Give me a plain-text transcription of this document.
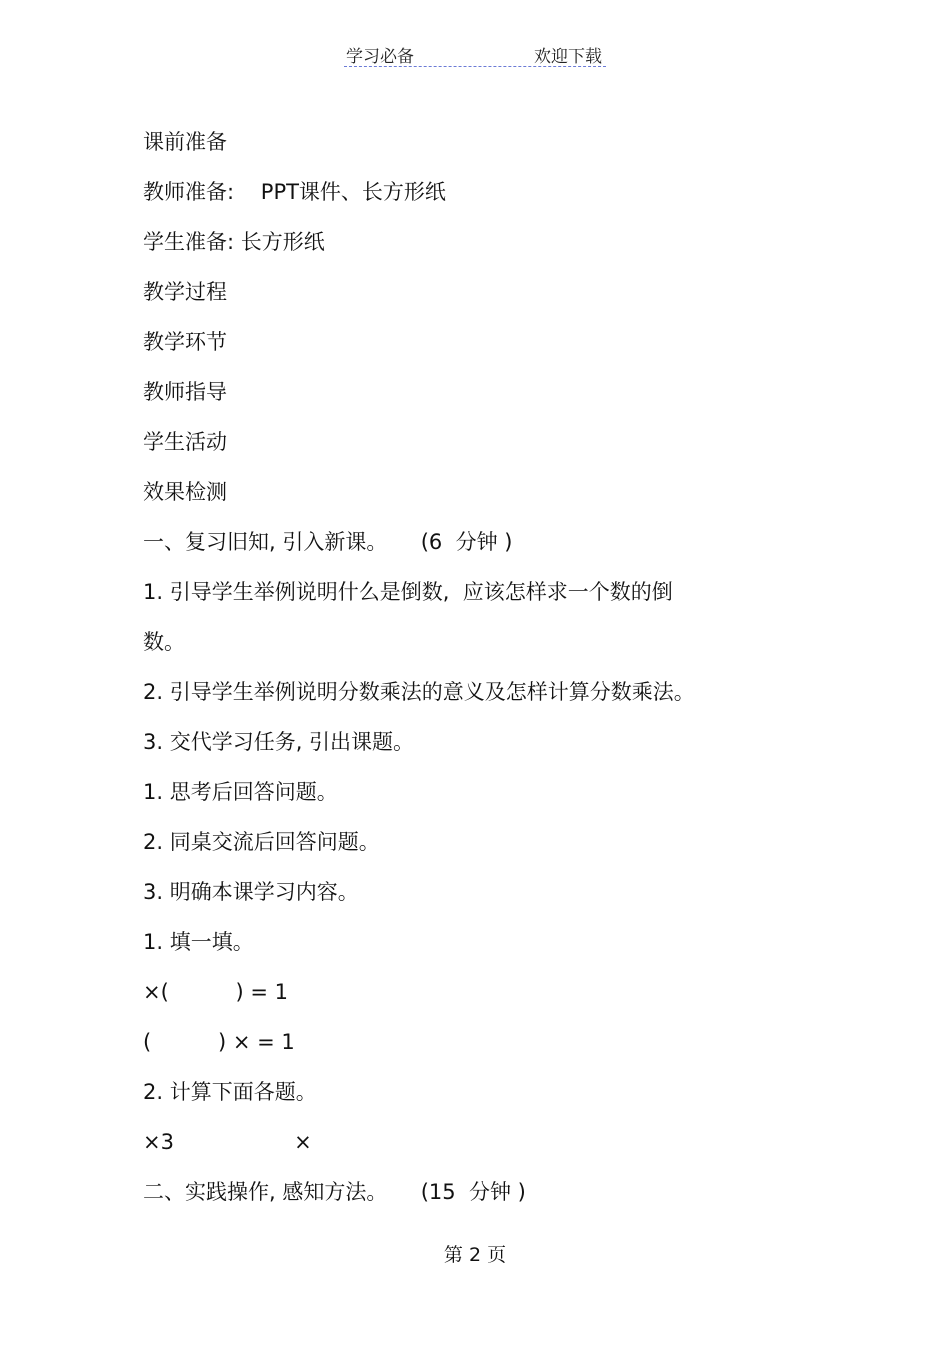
学习必备	欢迎下载
课前准备
教师准备:    PPT课件、长方形纸
学生准备: 长方形纸
教学过程
教学环节
教师指导
学生活动
效果检测
一、复习旧知, 引入新课。     (6  分钟 )
1. 引导学生举例说明什么是倒数,  应该怎样求一个数的倒
数。
2. 引导学生举例说明分数乘法的意义及怎样计算分数乘法。
3. 交代学习任务, 引出课题。
1. 思考后回答问题。
2. 同桌交流后回答问题。
3. 明确本课学习内容。
1. 填一填。
×(          ) = 1
(          ) × = 1
2. 计算下面各题。
×3                  ×
二、实践操作, 感知方法。     (15  分钟 )
第 2 页
